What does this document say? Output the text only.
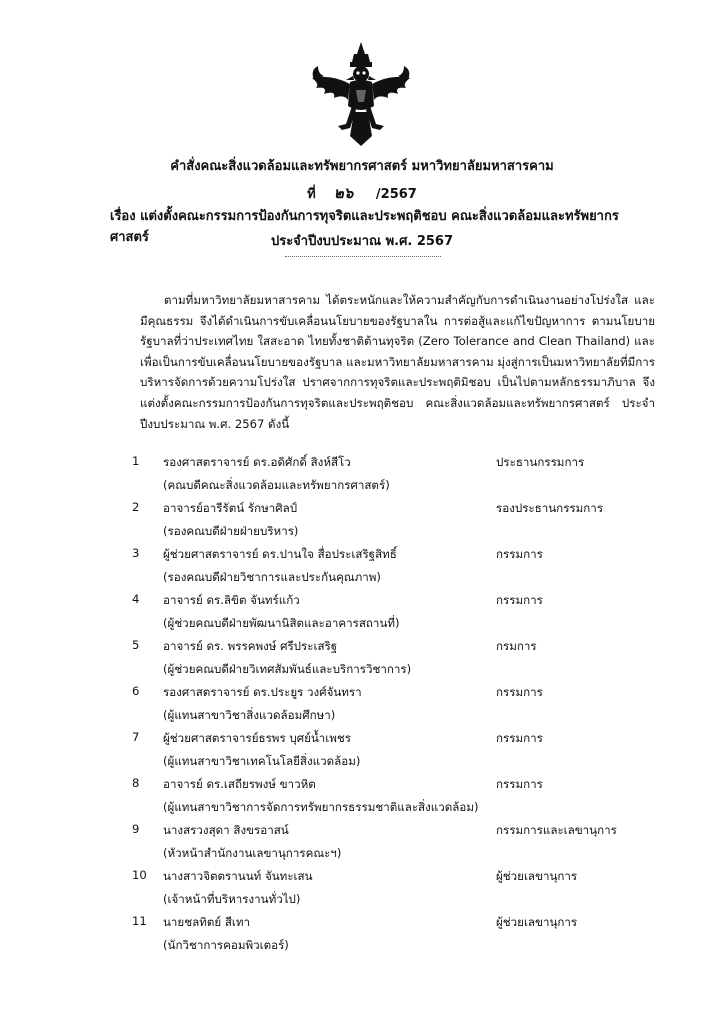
คำสั่งคณะสิ่งแวดล้อมและทรัพยากรศาสตร์ มหาวิทยาลัยมหาสารคาม
ที่ ๒๖ /2567
เรื่อง แต่งตั้งคณะกรรมการป้องกันการทุจริตและประพฤติชอบ คณะสิ่งแวดล้อมและทรัพยากรศาสตร์	ประจำปีงบประมาณ พ.ศ. 2567
ตามที่มหาวิทยาลัยมหาสารคาม ได้ตระหนักและให้ความสำคัญกับการดำเนินงานอย่างโปร่งใส และมีคุณธรรม จึงได้ดำเนินการขับเคลื่อนนโยบายของรัฐบาลใน การต่อสู้และแก้ไขปัญหาการ ตามนโยบายรัฐบาลที่ว่าประเทศไทย ใสสะอาด ไทยทั้งชาติต้านทุจริต (Zero Tolerance and Clean Thailand) และเพื่อเป็นการขับเคลื่อนนโยบายของรัฐบาล และมหาวิทยาลัยมหาสารคาม มุ่งสู่การเป็นมหาวิทยาลัยที่มีการบริหารจัดการด้วยความโปร่งใส ปราศจากการทุจริตและประพฤติมิชอบ เป็นไปตามหลักธรรมาภิบาล จึงแต่งตั้งคณะกรรมการป้องกันการทุจริตและประพฤติชอบ คณะสิ่งแวดล้อมและทรัพยากรศาสตร์ ประจำปีงบประมาณ พ.ศ. 2567 ดังนี้
1	รองศาสตราจารย์ ดร.อดิศักดิ์ สิงห์สีโว	ประธานกรรมการ
(คณบดีคณะสิ่งแวดล้อมและทรัพยากรศาสตร์)
2	อาจารย์อารีรัตน์ รักษาศิลป์	รองประธานกรรมการ
(รองคณบดีฝ่ายฝ่ายบริหาร)
3	ผู้ช่วยศาสตราจารย์ ดร.ปานใจ สื่อประเสริฐสิทธิ์	กรรมการ
(รองคณบดีฝ่ายวิชาการและประกันคุณภาพ)
4	อาจารย์ ดร.ลิขิต จันทร์แก้ว	กรรมการ
(ผู้ช่วยคณบดีฝ่ายพัฒนานิสิตและอาคารสถานที่)
5	อาจารย์ ดร. พรรคพงษ์ ศรีประเสริฐ	กรมการ
(ผู้ช่วยคณบดีฝ่ายวิเทศสัมพันธ์และบริการวิชาการ)
6	รองศาสตราจารย์ ดร.ประยูร วงศ์จันทรา	กรรมการ
(ผู้แทนสาขาวิชาสิ่งแวดล้อมศึกษา)
7	ผู้ช่วยศาสตราจารย์ธรพร บุศย์น้ำเพชร	กรรมการ
(ผู้แทนสาขาวิชาเทคโนโลยีสิ่งแวดล้อม)
8	อาจารย์ ดร.เสถียรพงษ์ ขาวหิต	กรรมการ
(ผู้แทนสาขาวิชาการจัดการทรัพยากรธรรมชาติและสิ่งแวดล้อม)
9	นางสรวงสุดา สิงขรอาสน์	กรรมการและเลขานุการ
(หัวหน้าสำนักงานเลขานุการคณะฯ)
10	นางสาวจิตตรานนท์ จันทะเสน	ผู้ช่วยเลขานุการ
(เจ้าหน้าที่บริหารงานทั่วไป)
11	นายชลทิตย์ สีเทา	ผู้ช่วยเลขานุการ
(นักวิชาการคอมพิวเตอร์)
